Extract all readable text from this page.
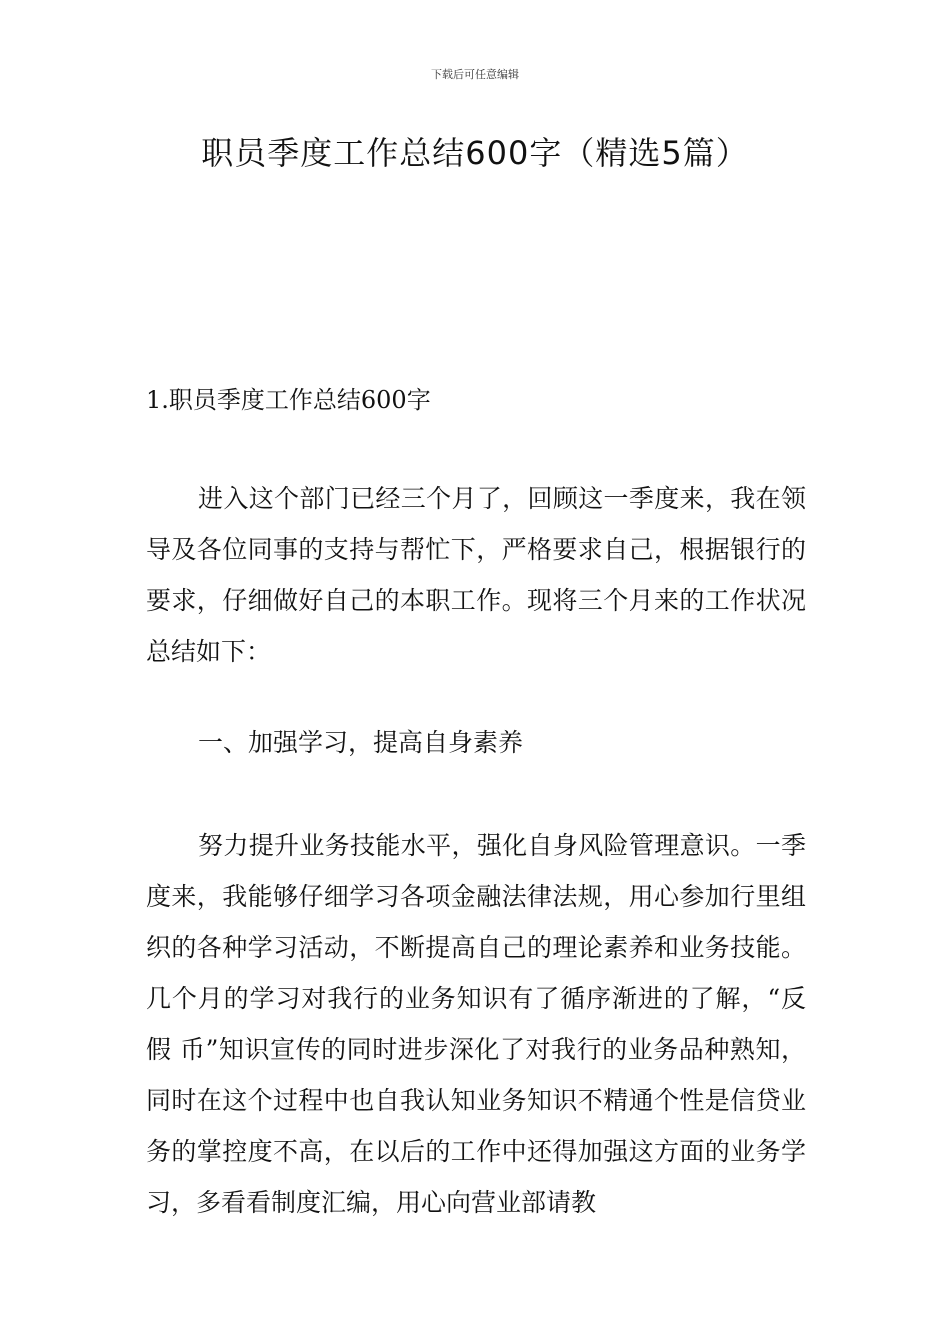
下载后可任意编辑
职员季度工作总结600字（精选5篇）
1.职员季度工作总结600字

进入这个部门已经三个月了，回顾这一季度来，我在领导及各位同事的支持与帮忙下，严格要求自己，根据银行的要求，仔细做好自己的本职工作。现将三个月来的工作状况总结如下：

一、加强学习，提高自身素养

努力提升业务技能水平，强化自身风险管理意识。一季度来，我能够仔细学习各项金融法律法规，用心参加行里组织的各种学习活动，不断提高自己的理论素养和业务技能。几个月的学习对我行的业务知识有了循序渐进的了解，“反假 币”知识宣传的同时进步深化了对我行的业务品种熟知，同时在这个过程中也自我认知业务知识不精通个性是信贷业务的掌控度不高，在以后的工作中还得加强这方面的业务学习，多看看制度汇编，用心向营业部请教
